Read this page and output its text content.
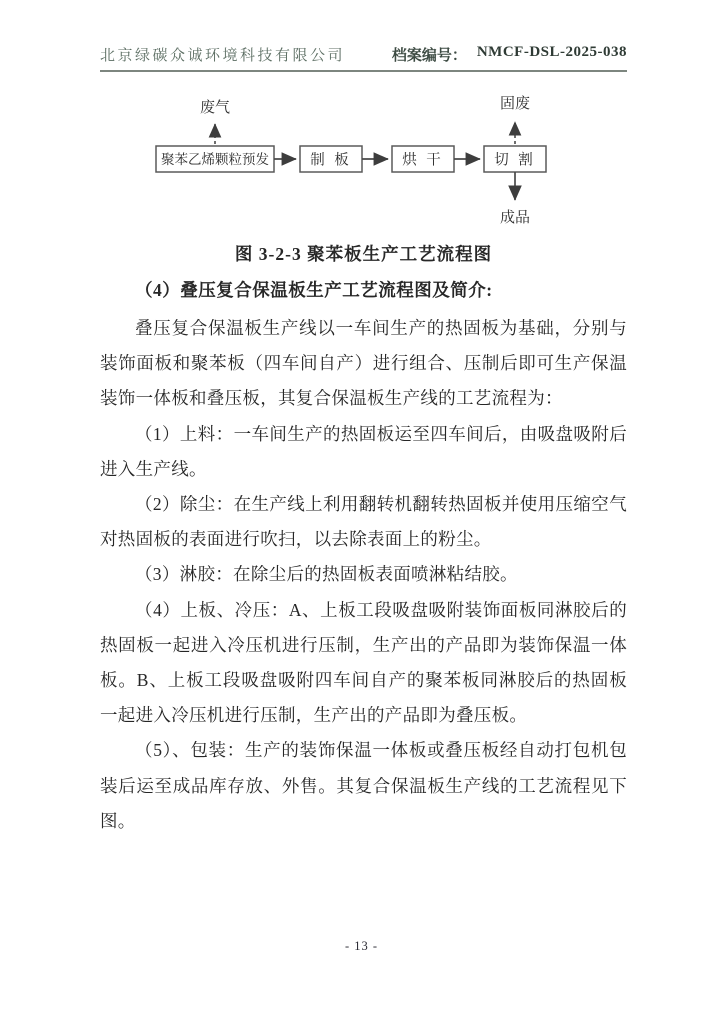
北京绿碳众诚环境科技有限公司	档案编号： NMCF-DSL-2025-038
废气	固废
聚苯乙烯颗粒预发	制 板	烘 干	切 割
成品
图 3-2-3 聚苯板生产工艺流程图
（4）叠压复合保温板生产工艺流程图及简介:

叠压复合保温板生产线以一车间生产的热固板为基础，分别与装饰面板和聚苯板（四车间自产）进行组合、压制后即可生产保温装饰一体板和叠压板，其复合保温板生产线的工艺流程为：

（1）上料：一车间生产的热固板运至四车间后，由吸盘吸附后进入生产线。

（2）除尘：在生产线上利用翻转机翻转热固板并使用压缩空气对热固板的表面进行吹扫，以去除表面上的粉尘。

（3）淋胶：在除尘后的热固板表面喷淋粘结胶。

（4）上板、冷压：A、上板工段吸盘吸附装饰面板同淋胶后的热固板一起进入冷压机进行压制，生产出的产品即为装饰保温一体板。B、上板工段吸盘吸附四车间自产的聚苯板同淋胶后的热固板一起进入冷压机进行压制，生产出的产品即为叠压板。

（5）、包装：生产的装饰保温一体板或叠压板经自动打包机包装后运至成品库存放、外售。其复合保温板生产线的工艺流程见下图。

- 13 -
